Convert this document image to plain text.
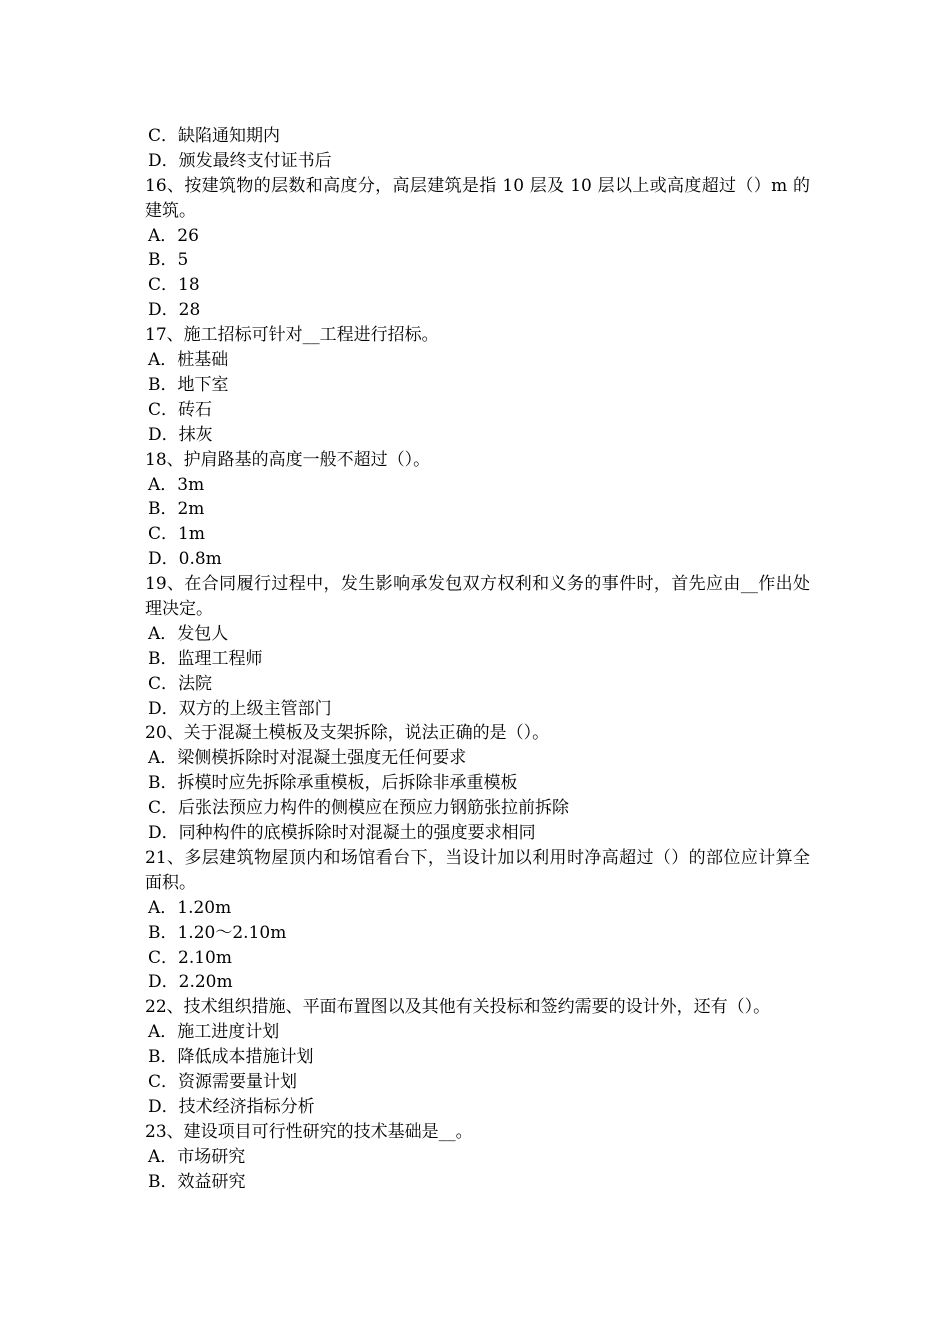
C．缺陷通知期内
D．颁发最终支付证书后
16、按建筑物的层数和高度分，高层建筑是指 10 层及 10 层以上或高度超过（）m 的建筑。
A．26
B．5
C．18
D．28
17、施工招标可针对__工程进行招标。
A．桩基础
B．地下室
C．砖石
D．抹灰
18、护肩路基的高度一般不超过（）。
A．3m
B．2m
C．1m
D．0.8m
19、在合同履行过程中，发生影响承发包双方权利和义务的事件时，首先应由__作出处理决定。
A．发包人
B．监理工程师
C．法院
D．双方的上级主管部门
20、关于混凝土模板及支架拆除，说法正确的是（）。
A．梁侧模拆除时对混凝土强度无任何要求
B．拆模时应先拆除承重模板，后拆除非承重模板
C．后张法预应力构件的侧模应在预应力钢筋张拉前拆除
D．同种构件的底模拆除时对混凝土的强度要求相同
21、多层建筑物屋顶内和场馆看台下，当设计加以利用时净高超过（）的部位应计算全面积。
A．1.20m
B．1.20～2.10m
C．2.10m
D．2.20m
22、技术组织措施、平面布置图以及其他有关投标和签约需要的设计外，还有（）。
A．施工进度计划
B．降低成本措施计划
C．资源需要量计划
D．技术经济指标分析
23、建设项目可行性研究的技术基础是__。
A．市场研究
B．效益研究
